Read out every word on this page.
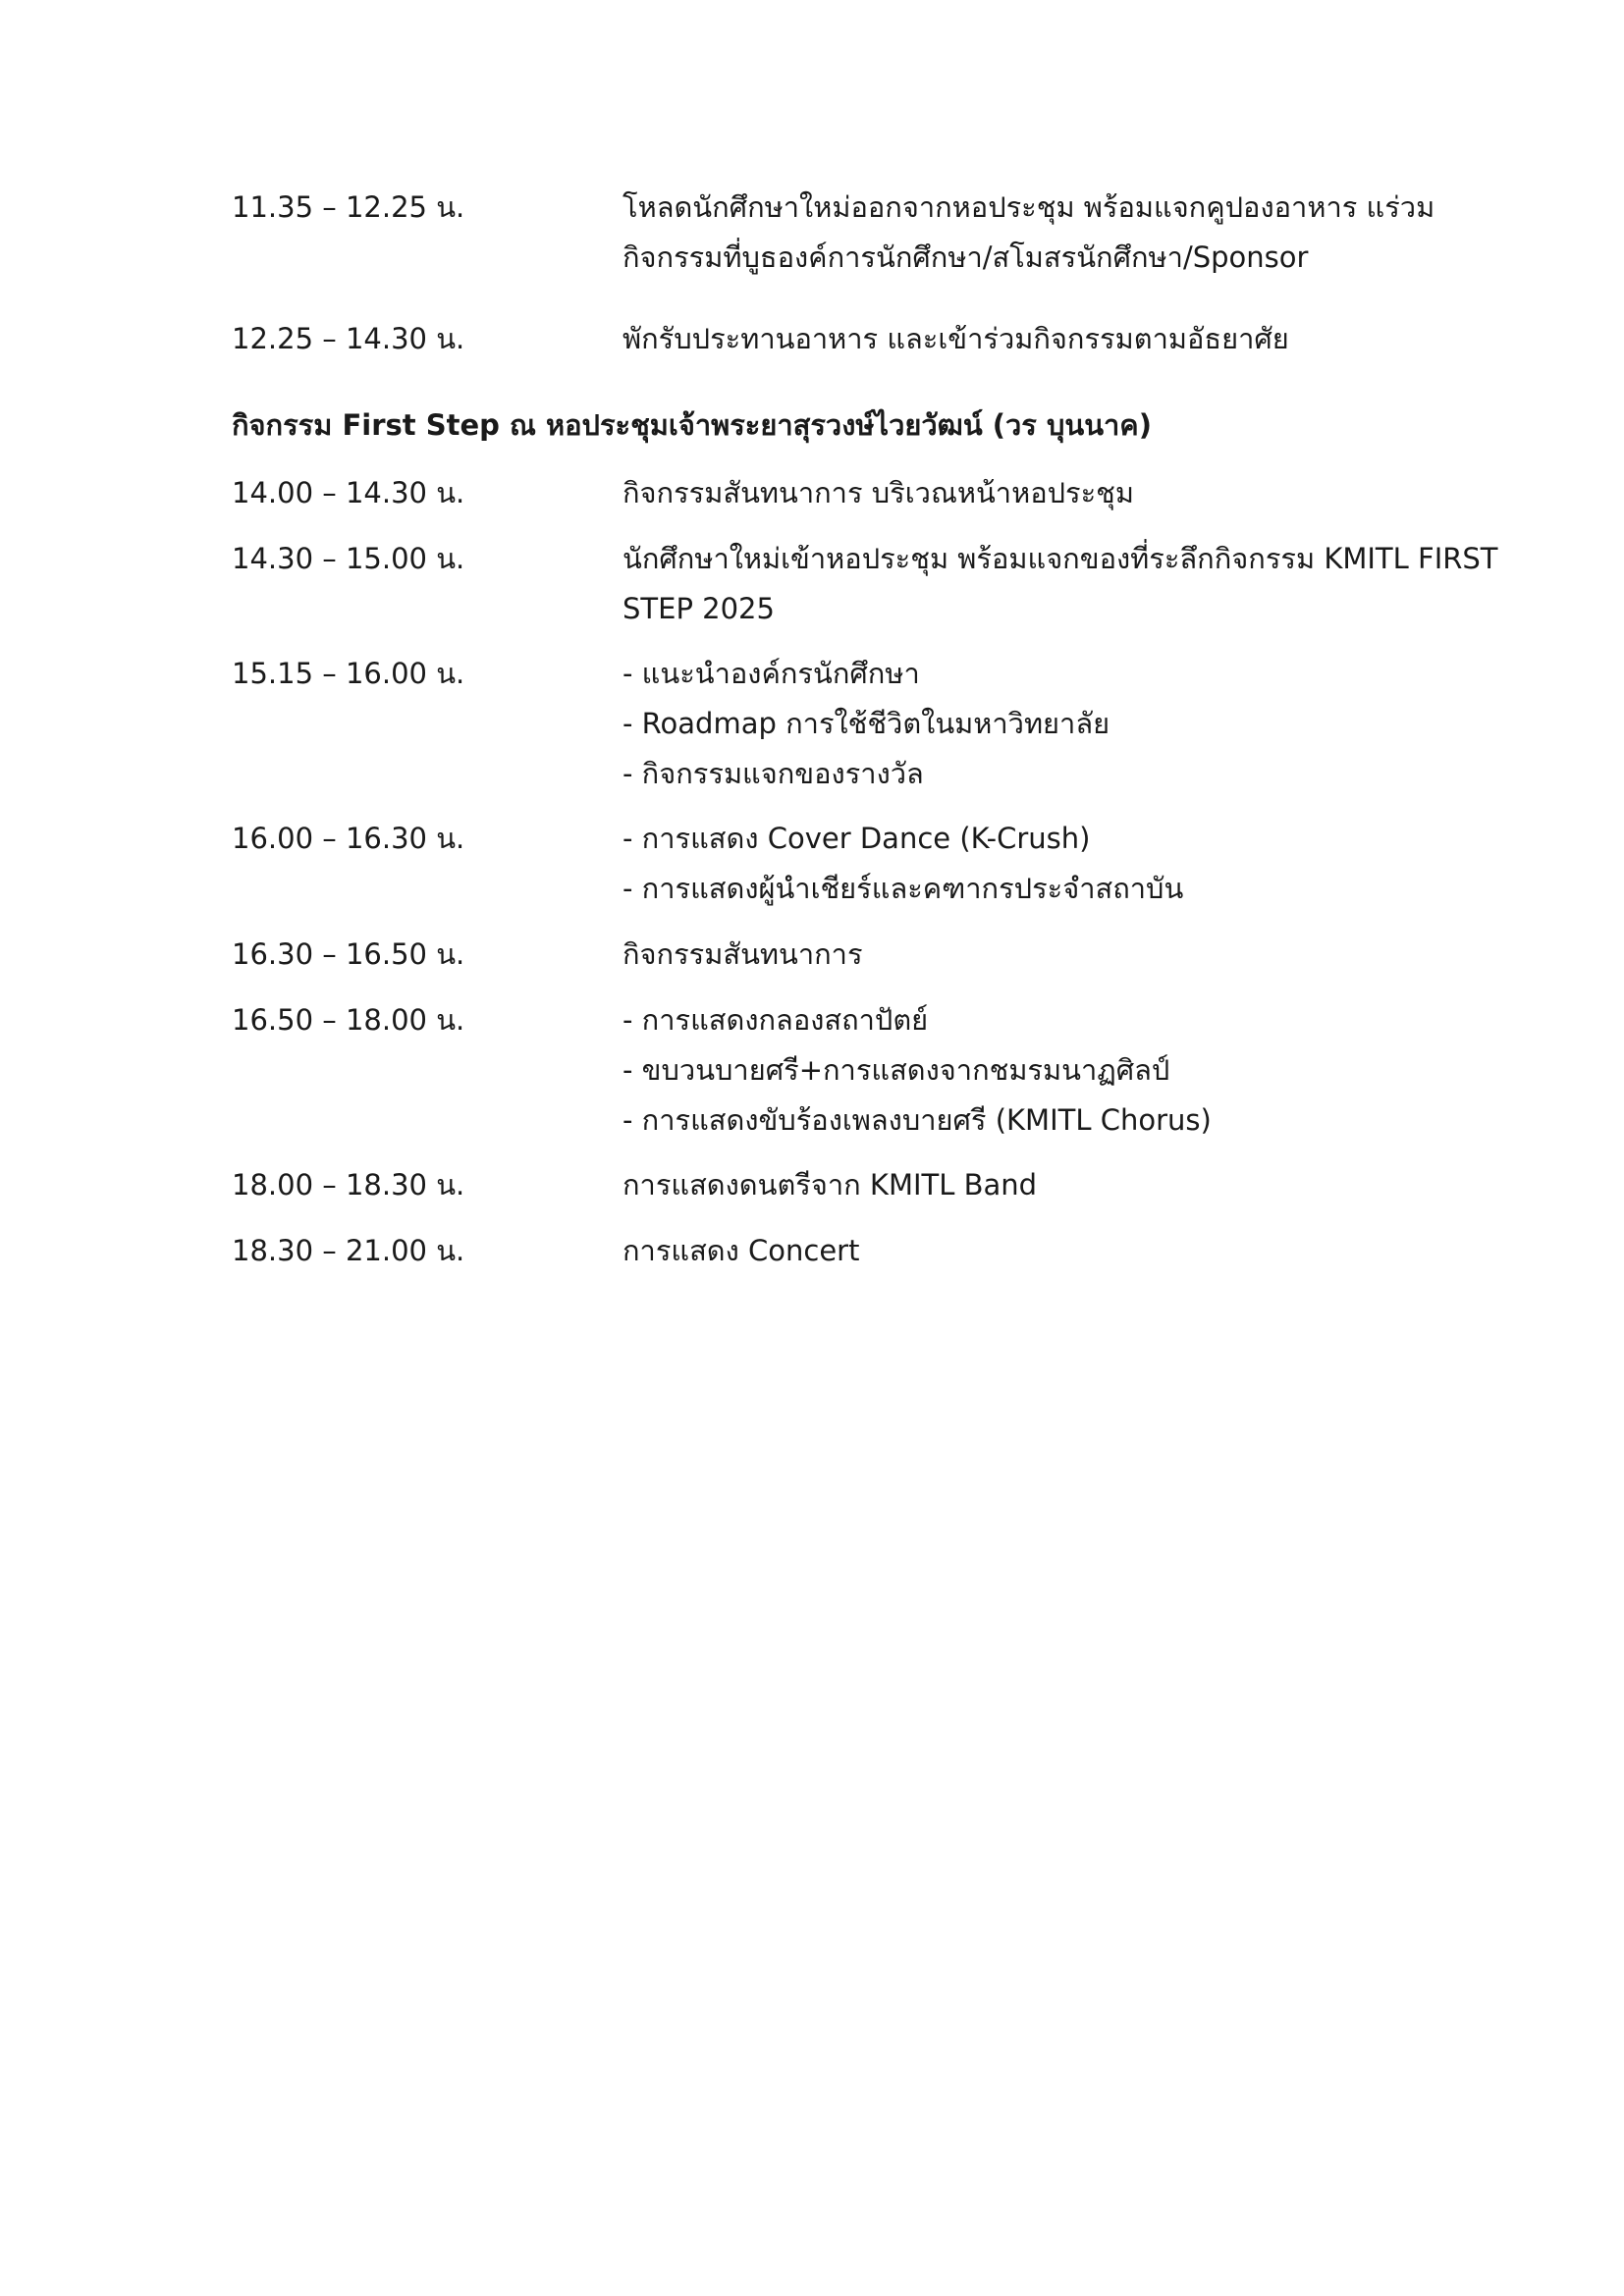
11.35 – 12.25 น.	โหลดนักศึกษาใหม่ออกจากหอประชุม พร้อมแจกคูปองอาหาร แร่วม
กิจกรรมที่บูธองค์การนักศึกษา/สโมสรนักศึกษา/Sponsor
12.25 – 14.30 น.	พักรับประทานอาหาร และเข้าร่วมกิจกรรมตามอัธยาศัย
กิจกรรม First Step ณ หอประชุมเจ้าพระยาสุรวงษ์ไวยวัฒน์ (วร บุนนาค)
14.00 – 14.30 น.	กิจกรรมสันทนาการ บริเวณหน้าหอประชุม
14.30 – 15.00 น.	นักศึกษาใหม่เข้าหอประชุม พร้อมแจกของที่ระลึกกิจกรรม KMITL FIRST
STEP 2025
15.15 – 16.00 น.	- แนะนำองค์กรนักศึกษา
- Roadmap การใช้ชีวิตในมหาวิทยาลัย
- กิจกรรมแจกของรางวัล
16.00 – 16.30 น.	- การแสดง Cover Dance (K-Crush)
- การแสดงผู้นำเชียร์และคฑากรประจำสถาบัน
16.30 – 16.50 น.	กิจกรรมสันทนาการ
16.50 – 18.00 น.	- การแสดงกลองสถาปัตย์
- ขบวนบายศรี+การแสดงจากชมรมนาฏศิลป์
- การแสดงขับร้องเพลงบายศรี (KMITL Chorus)
18.00 – 18.30 น.	การแสดงดนตรีจาก KMITL Band
18.30 – 21.00 น.	การแสดง Concert
